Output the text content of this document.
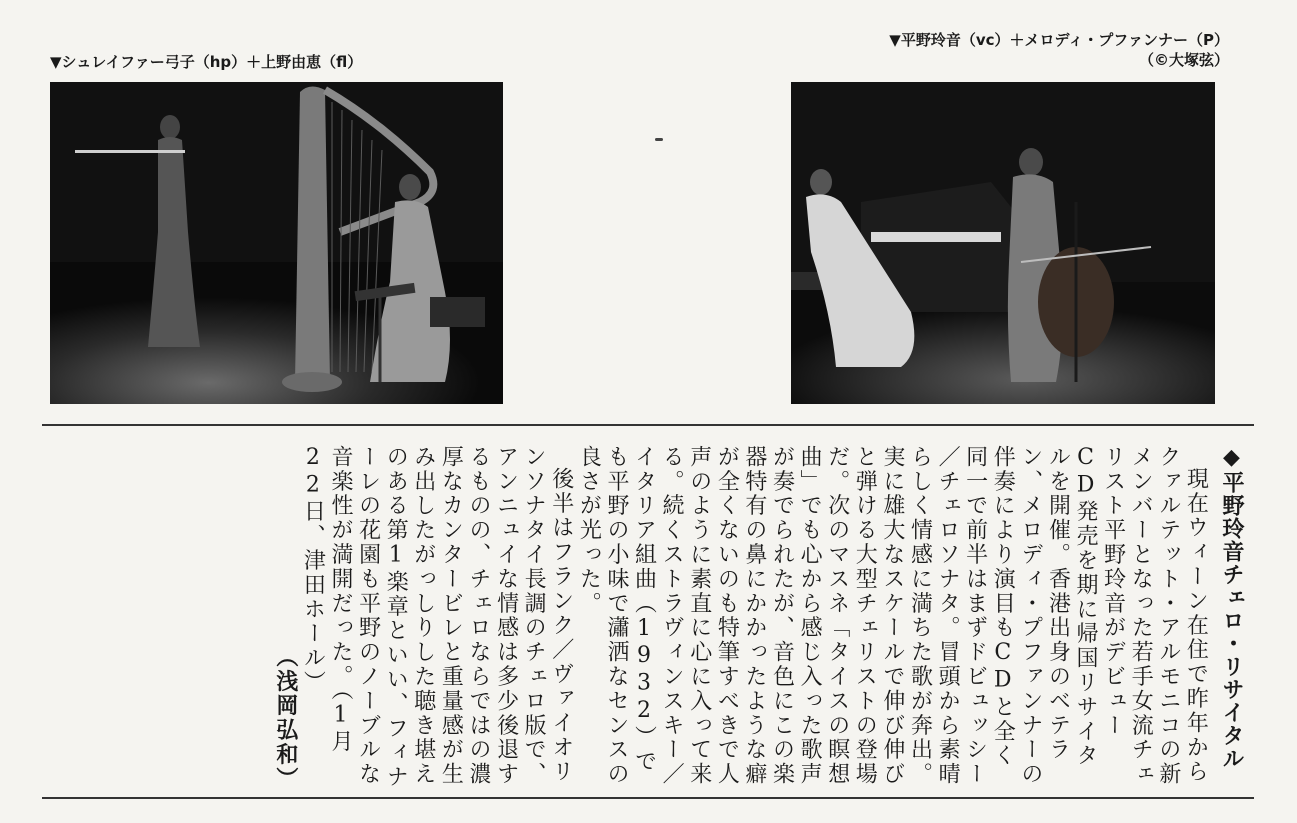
▼シュレイファー弓子（hp）＋上野由恵（fl）
▼平野玲音（vc）＋メロディ・プファンナー（P）
（©大塚弦）

◆平野玲音チェロ・リサイタル

現在ウィーン在住で昨年からクァルテット・アルモニコの新メンバーとなった若手女流チェリスト平野玲音がデビューCD発売を期に帰国リサイタルを開催。香港出身のベテラン、メロディ・プファンナーの伴奏により演目もCDと全く同一で前半はまずドビュッシー／チェロソナタ。冒頭から素晴らしく情感に満ちた歌が奔出。実に雄大なスケールで伸び伸びと弾ける大型チェリストの登場だ。次のマスネ「タイスの瞑想曲」でも心から感じ入った歌声が奏でられたが、音色にこの楽器特有の鼻にかかったような癖が全くないのも特筆すべきで人声のように素直に心に入って来る。続くストラヴィンスキー／イタリア組曲（1932）でも平野の小味で瀟洒なセンスの良さが光った。

後半はフランク／ヴァイオリンソナタイ長調のチェロ版で、アンニュイな情感は多少後退するものの、チェロならではの濃厚なカンタービレと重量感が生み出したがっしりした聴き堪えのある第1楽章といい、フィナーレの花園も平野のノーブルな音楽性が満開だった。（1月22日、津田ホール）

（浅岡弘和）
